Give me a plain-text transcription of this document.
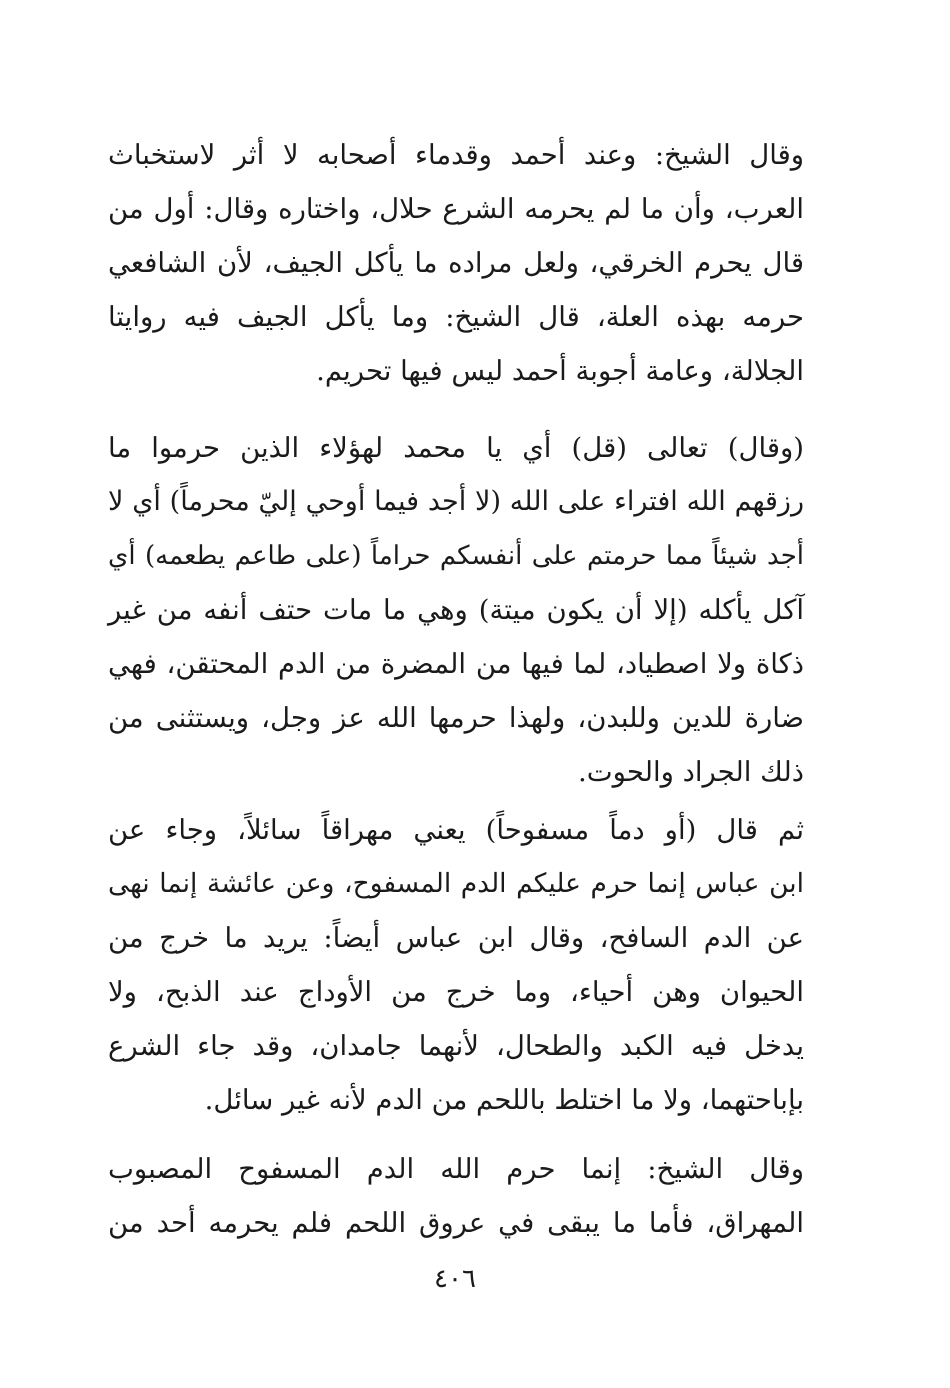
وقال الشيخ: وعند أحمد وقدماء أصحابه لا أثر لاستخباث
العرب، وأن ما لم يحرمه الشرع حلال، واختاره وقال: أول من
قال يحرم الخرقي، ولعل مراده ما يأكل الجيف، لأن الشافعي
حرمه بهذه العلة، قال الشيخ: وما يأكل الجيف فيه روايتا
الجلالة، وعامة أجوبة أحمد ليس فيها تحريم.
(وقال) تعالى (قل) أي يا محمد لهؤلاء الذين حرموا ما
رزقهم الله افتراء على الله (لا أجد فيما أوحي إليّ محرماً) أي لا
أجد شيئاً مما حرمتم على أنفسكم حراماً (على طاعم يطعمه) أي
آكل يأكله (إلا أن يكون ميتة) وهي ما مات حتف أنفه من غير
ذكاة ولا اصطياد، لما فيها من المضرة من الدم المحتقن، فهي
ضارة للدين وللبدن، ولهذا حرمها الله عز وجل، ويستثنى من
ذلك الجراد والحوت.
ثم قال (أو دماً مسفوحاً) يعني مهراقاً سائلاً، وجاء عن
ابن عباس إنما حرم عليكم الدم المسفوح، وعن عائشة إنما نهى
عن الدم السافح، وقال ابن عباس أيضاً: يريد ما خرج من
الحيوان وهن أحياء، وما خرج من الأوداج عند الذبح، ولا
يدخل فيه الكبد والطحال، لأنهما جامدان، وقد جاء الشرع
بإباحتهما، ولا ما اختلط باللحم من الدم لأنه غير سائل.
وقال الشيخ: إنما حرم الله الدم المسفوح المصبوب
المهراق، فأما ما يبقى في عروق اللحم فلم يحرمه أحد من
٤٠٦
